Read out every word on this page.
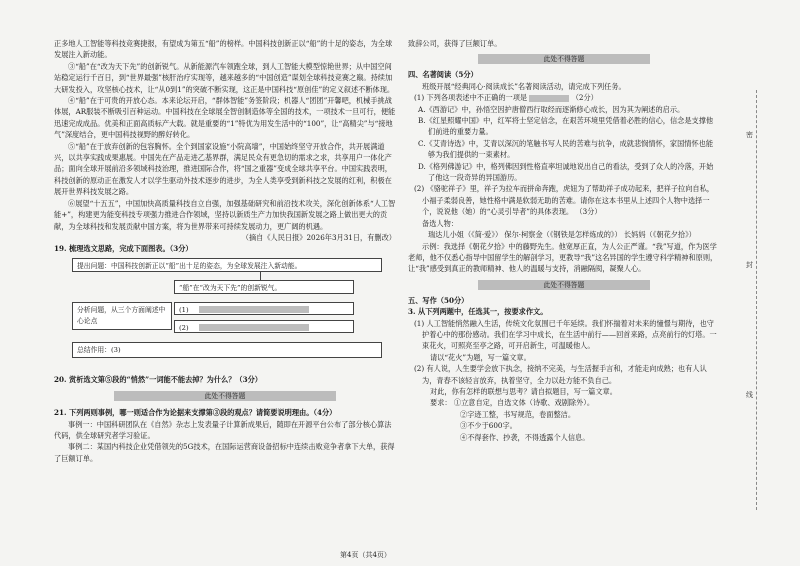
正多地人工智能等科技竞赛捷报，有望成为第五“船”的榜样。中国科技创新正以“船”的十足的姿态，为全球发展注入新动能。

③“船”在“改为天下先”的创新锐气。从新能源汽车领跑全球，到人工智能大模型惊艳世界；从中国空间站稳定运行千百日，到“世界最强”核肝治疗实现等，越来越多的“中国创造”谋划全球科技竞赛之巅。持续加大研发投入，攻坚核心技术，让“从0到1”的突破不断实现，这正是中国科技“原创佳”的定义叙述不断体现。

④“船”在于可贵的开放心态。本来论坛开启，“群体智能”务签阶段；机器人“团团”开馨吧，机械手挑战体展，AR服装不断吸引百种运动。中国科技在全球展全智创制造体等全国的技术，一项技术一旦可行，便能迅速完成成品。优美和正面高质标产大载。就是重要的“1”特优为用发生活中的“100”，让“高精尖”与“接地气”深度结合，更中国科技视野的醉好转化。

⑤“船”在于放弃创新的包容胸怀。全个到国家设施“小院高墙”，中国始终坚守开放合作，共开展满道兴，以共享实践成果惠展。中国先在产品走进乙基界群，满足民众有更急切的需求之求，共享用户一体化产品；面向全球开展前沿多领域科技治理，推进国际合作，将“国之重器”变成全球共享平台。中国实践表明，科技创新的原动正在激发人才以学生驱动外技术逐步的进步，为全人类享受到新科技之发展的红利，积极在展开世界科技发展之路。

⑥展望“十五五”，中国加快高质量科技自立自强，加强基础研究和前沿技术攻关，深化创新体系“人工智能+”，构建更为能变科技专项强力推进合作领域，坚持以新质生产力加快我国新发展之路上做出更大的贡献，为全球科技和发展贡献中国方案，将为世界带来可持续发展动力，更广阔的机遇。

（摘自《人民日报》2026年3月31日，有删改）

19. 梳理选文思路，完成下面图表。（3分）

提出问题：中国科技创新正以“船”出十足的姿态，为全球发展注入新动能。
“船”在“改为天下先”的创新锐气。
分析问题，从三个方面阐述中心论点
(1)
(2)
总结作用：(3)

20. 赏析选文第⑤段的“悄然”一词能不能去掉？为什么？（3分）

此处不得答题

21. 下列两则事例，哪一则适合作为论据来支撑第③段的观点？请简要说明理由。（4分）

事例一：中国科研团队在《自然》杂志上发表量子计算新成果后，随即在开源平台公布了部分核心算法代码，供全球研究者学习验证。

事例二：某国内科技企业凭借领先的5G技术，在国际运营商设备招标中连续击败竞争者拿下大单，获得了巨额订单。

致辞公司，获得了巨额订单。

此处不得答题

四、名著阅读（5分）

班级开展“经典同心·阅读成长”名著阅读活动，请完成下列任务。

(1) 下列各项表述中不正确的一项是	（2分）

A.《西游记》中，孙悟空因护唐僧西行取经而逐渐修心成长，因为其为阐述的启示。

B.《红星照耀中国》中，红军将士坚定信念，在艰苦环境里凭借着必胜的信心，信念是支撑他们前进的重要力量。

C.《艾青诗选》中，艾青以深沉的笔触书写人民的苦难与抗争，成就悲悯情怀，家国情怀也能够为我们提供的一束素材。

D.《格列佛游记》中，格列佛因到性格直率坦诚地说出自己的看法，受到了众人的冷落，开始了他这一段奇异的异国游历。

(2) 《骆驼祥子》里，祥子为拉车而拼命奔跑，虎妞为了帮助祥子成功起来，把祥子拉向自私，小福子柔弱良善，她性格中满是软弱无助的苦难。请你在这本书里从上述四个人物中选择一个，说说他（她）的“心灵引导者”的具体表现。 （3分）

备选人物：

瑞达儿小姐（《简·爱》） 保尔·柯察金（《钢铁是怎样炼成的》） 长妈妈（《朝花夕拾》）

示例：我选择《朝花夕拾》中的藤野先生。他宽厚正直，为人公正严谨。“我”写道，作为医学老师，他不仅悉心指导中国留学生的解剖学习，更教导“我”这名异国的学生遵守科学精神和原则，让“我”感受到真正的教师精神、他人的温暖与支持，消融隔阂，凝聚人心。

此处不得答题

五、写作（50分）

3. 从下列两题中，任选其一，按要求作文。

(1) 人工智能悄然融入生活，传统文化氛围已千年延续。我们怀揣着对未来的憧憬与期待，也守护着心中的那份感动。我们在学习中成长，在生活中前行——回首来路，点亮前行的灯塔。一束花火，可照亮至亭之路，可开启新生，可温暖他人。

请以“花火”为题，写一篇文章。

(2) 有人说，人生要学会放下执念，接纳不完美，与生活握手言和，才能走向成熟；也有人认为，青春不该轻言放弃，执着坚守，全力以赴方能不负自己。

对此，你有怎样的联想与思考？请自拟题目，写一篇文章。

要求： ①立意自定，自选文体（诗歌、戏剧除外）。

②字迹工整，书写规范，卷面整洁。

③不少于600字。

④不得套作、抄袭，不得透露个人信息。

密
封
线
第4页（共4页）
